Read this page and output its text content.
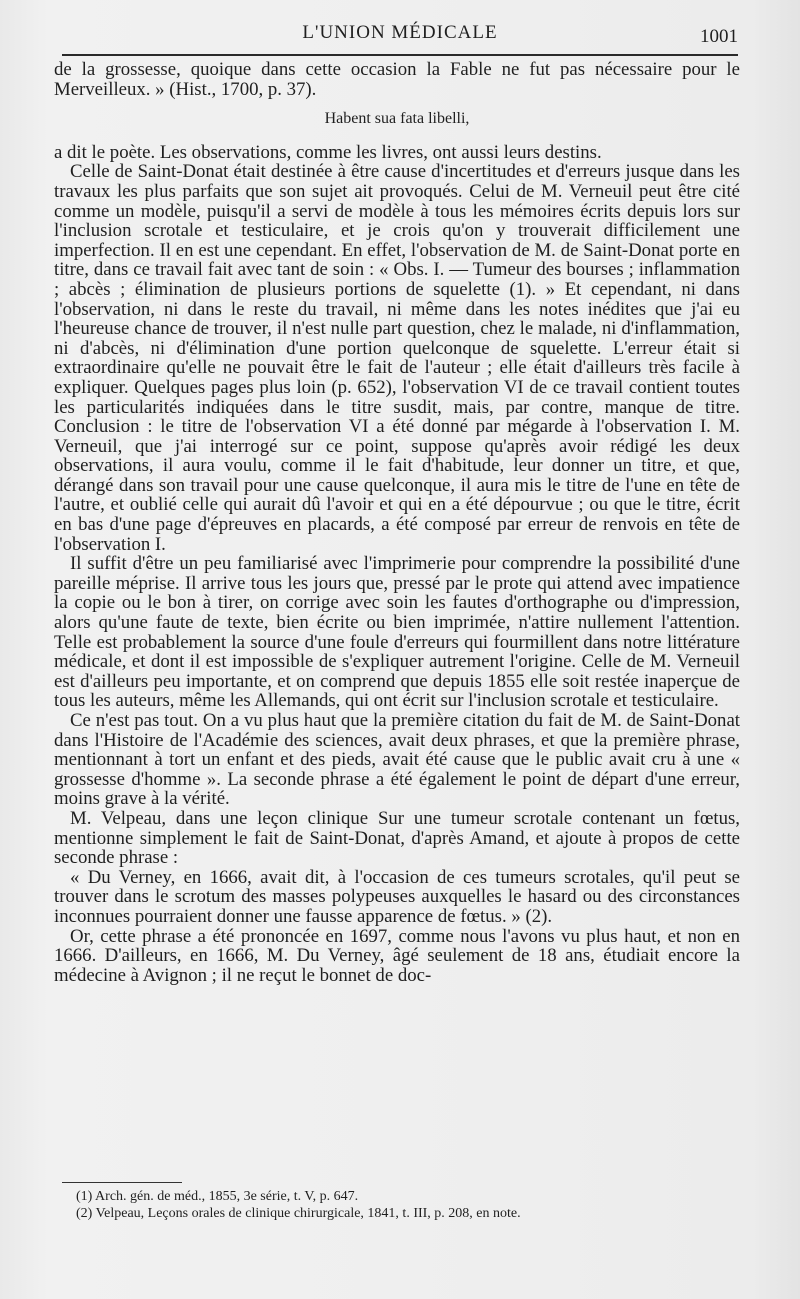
L'UNION MÉDICALE	1001

de la grossesse, quoique dans cette occasion la Fable ne fut pas nécessaire pour le Merveilleux. » (Hist., 1700, p. 37).

Habent sua fata libelli,

a dit le poète. Les observations, comme les livres, ont aussi leurs destins.

Celle de Saint-Donat était destinée à être cause d'incertitudes et d'erreurs jusque dans les travaux les plus parfaits que son sujet ait provoqués. Celui de M. Verneuil peut être cité comme un modèle, puisqu'il a servi de modèle à tous les mémoires écrits depuis lors sur l'inclusion scrotale et testiculaire, et je crois qu'on y trouverait difficilement une imperfection. Il en est une cependant. En effet, l'observation de M. de Saint-Donat porte en titre, dans ce travail fait avec tant de soin : « Obs. I. — Tumeur des bourses ; inflammation ; abcès ; élimination de plusieurs portions de squelette (1). » Et cependant, ni dans l'observation, ni dans le reste du travail, ni même dans les notes inédites que j'ai eu l'heureuse chance de trouver, il n'est nulle part question, chez le malade, ni d'inflammation, ni d'abcès, ni d'élimination d'une portion quelconque de squelette. L'erreur était si extraordinaire qu'elle ne pouvait être le fait de l'auteur ; elle était d'ailleurs très facile à expliquer. Quelques pages plus loin (p. 652), l'observation VI de ce travail contient toutes les particularités indiquées dans le titre susdit, mais, par contre, manque de titre. Conclusion : le titre de l'observation VI a été donné par mégarde à l'observation I. M. Verneuil, que j'ai interrogé sur ce point, suppose qu'après avoir rédigé les deux observations, il aura voulu, comme il le fait d'habitude, leur donner un titre, et que, dérangé dans son travail pour une cause quelconque, il aura mis le titre de l'une en tête de l'autre, et oublié celle qui aurait dû l'avoir et qui en a été dépourvue ; ou que le titre, écrit en bas d'une page d'épreuves en placards, a été composé par erreur de renvois en tête de l'observation I.

Il suffit d'être un peu familiarisé avec l'imprimerie pour comprendre la possibilité d'une pareille méprise. Il arrive tous les jours que, pressé par le prote qui attend avec impatience la copie ou le bon à tirer, on corrige avec soin les fautes d'orthographe ou d'impression, alors qu'une faute de texte, bien écrite ou bien imprimée, n'attire nullement l'attention. Telle est probablement la source d'une foule d'erreurs qui fourmillent dans notre littérature médicale, et dont il est impossible de s'expliquer autrement l'origine. Celle de M. Verneuil est d'ailleurs peu importante, et on comprend que depuis 1855 elle soit restée inaperçue de tous les auteurs, même les Allemands, qui ont écrit sur l'inclusion scrotale et testiculaire.

Ce n'est pas tout. On a vu plus haut que la première citation du fait de M. de Saint-Donat dans l'Histoire de l'Académie des sciences, avait deux phrases, et que la première phrase, mentionnant à tort un enfant et des pieds, avait été cause que le public avait cru à une « grossesse d'homme ». La seconde phrase a été également le point de départ d'une erreur, moins grave à la vérité.

M. Velpeau, dans une leçon clinique Sur une tumeur scrotale contenant un fœtus, mentionne simplement le fait de Saint-Donat, d'après Amand, et ajoute à propos de cette seconde phrase :

« Du Verney, en 1666, avait dit, à l'occasion de ces tumeurs scrotales, qu'il peut se trouver dans le scrotum des masses polypeuses auxquelles le hasard ou des circonstances inconnues pourraient donner une fausse apparence de fœtus. » (2).

Or, cette phrase a été prononcée en 1697, comme nous l'avons vu plus haut, et non en 1666. D'ailleurs, en 1666, M. Du Verney, âgé seulement de 18 ans, étudiait encore la médecine à Avignon ; il ne reçut le bonnet de doc-

(1) Arch. gén. de méd., 1855, 3e série, t. V, p. 647.
(2) Velpeau, Leçons orales de clinique chirurgicale, 1841, t. III, p. 208, en note.
